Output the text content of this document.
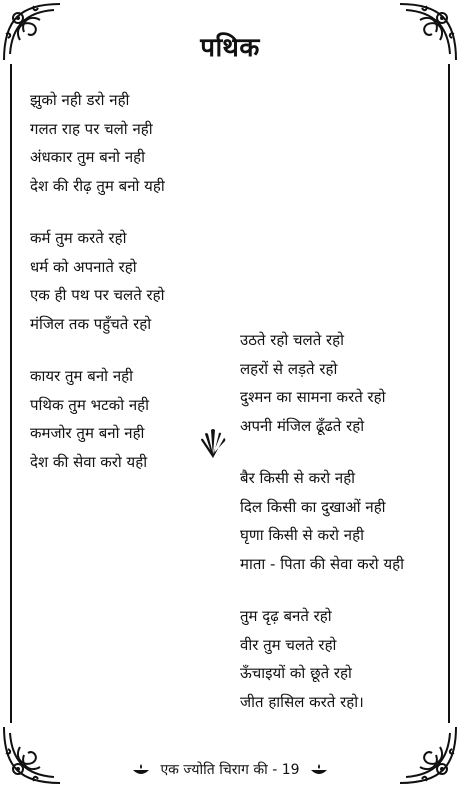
पथिक
झुको नही डरो नही
गलत राह पर चलो नही
अंधकार तुम बनो नही
देश की रीढ़ तुम बनो यही
कर्म तुम करते रहो
धर्म को अपनाते रहो
एक ही पथ पर चलते रहो
मंजिल तक पहुँचते रहो
कायर तुम बनो नही
पथिक तुम भटको नही
कमजोर तुम बनो नही
देश की सेवा करो यही
उठते रहो चलते रहो
लहरों से लड़ते रहो
दुश्मन का सामना करते रहो
अपनी मंजिल ढूँढते रहो
बैर किसी से करो नही
दिल किसी का दुखाओं नही
घृणा किसी से करो नही
माता - पिता की सेवा करो यही
तुम दृढ़ बनते रहो
वीर तुम चलते रहो
ऊँचाइयों को छूते रहो
जीत हासिल करते रहो।
एक ज्योति चिराग की - 19
